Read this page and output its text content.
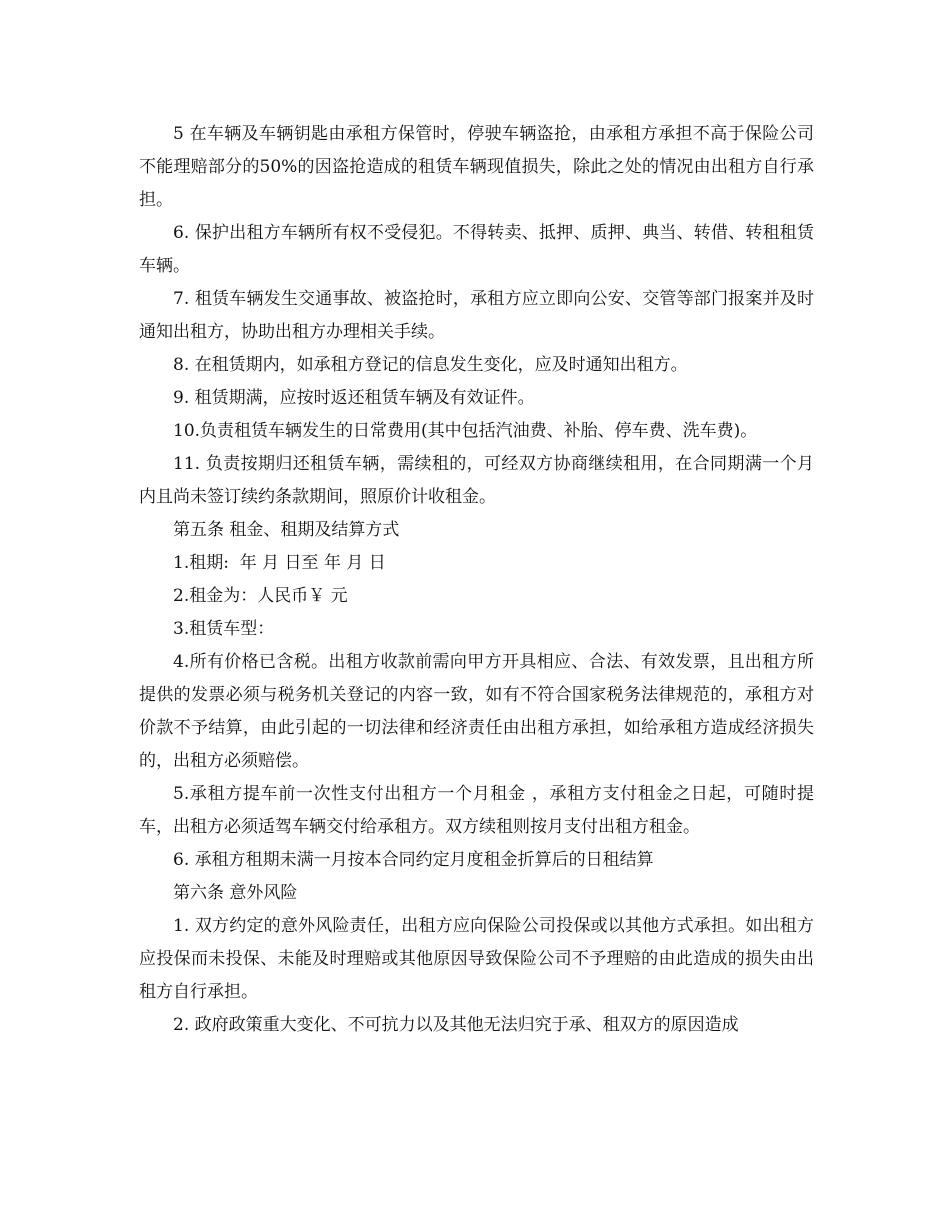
5 在车辆及车辆钥匙由承租方保管时，停驶车辆盗抢，由承租方承担不高于保险公司不能理赔部分的50%的因盗抢造成的租赁车辆现值损失，除此之处的情况由出租方自行承担。

6. 保护出租方车辆所有权不受侵犯。不得转卖、抵押、质押、典当、转借、转租租赁车辆。

7. 租赁车辆发生交通事故、被盗抢时，承租方应立即向公安、交管等部门报案并及时通知出租方，协助出租方办理相关手续。

8. 在租赁期内，如承租方登记的信息发生变化，应及时通知出租方。

9. 租赁期满，应按时返还租赁车辆及有效证件。

10.负责租赁车辆发生的日常费用(其中包括汽油费、补胎、停车费、洗车费)。

11. 负责按期归还租赁车辆，需续租的，可经双方协商继续租用，在合同期满一个月内且尚未签订续约条款期间，照原价计收租金。

第五条 租金、租期及结算方式

1.租期:  年 月 日至 年 月 日

2.租金为：人民币￥ 元

3.租赁车型：

4.所有价格已含税。出租方收款前需向甲方开具相应、合法、有效发票，且出租方所提供的发票必须与税务机关登记的内容一致，如有不符合国家税务法律规范的，承租方对价款不予结算，由此引起的一切法律和经济责任由出租方承担，如给承租方造成经济损失的，出租方必须赔偿。

5.承租方提车前一次性支付出租方一个月租金 ，承租方支付租金之日起，可随时提车，出租方必须适驾车辆交付给承租方。双方续租则按月支付出租方租金。

6. 承租方租期未满一月按本合同约定月度租金折算后的日租结算

第六条 意外风险

1. 双方约定的意外风险责任，出租方应向保险公司投保或以其他方式承担。如出租方应投保而未投保、未能及时理赔或其他原因导致保险公司不予理赔的由此造成的损失由出租方自行承担。

2. 政府政策重大变化、不可抗力以及其他无法归究于承、租双方的原因造成
